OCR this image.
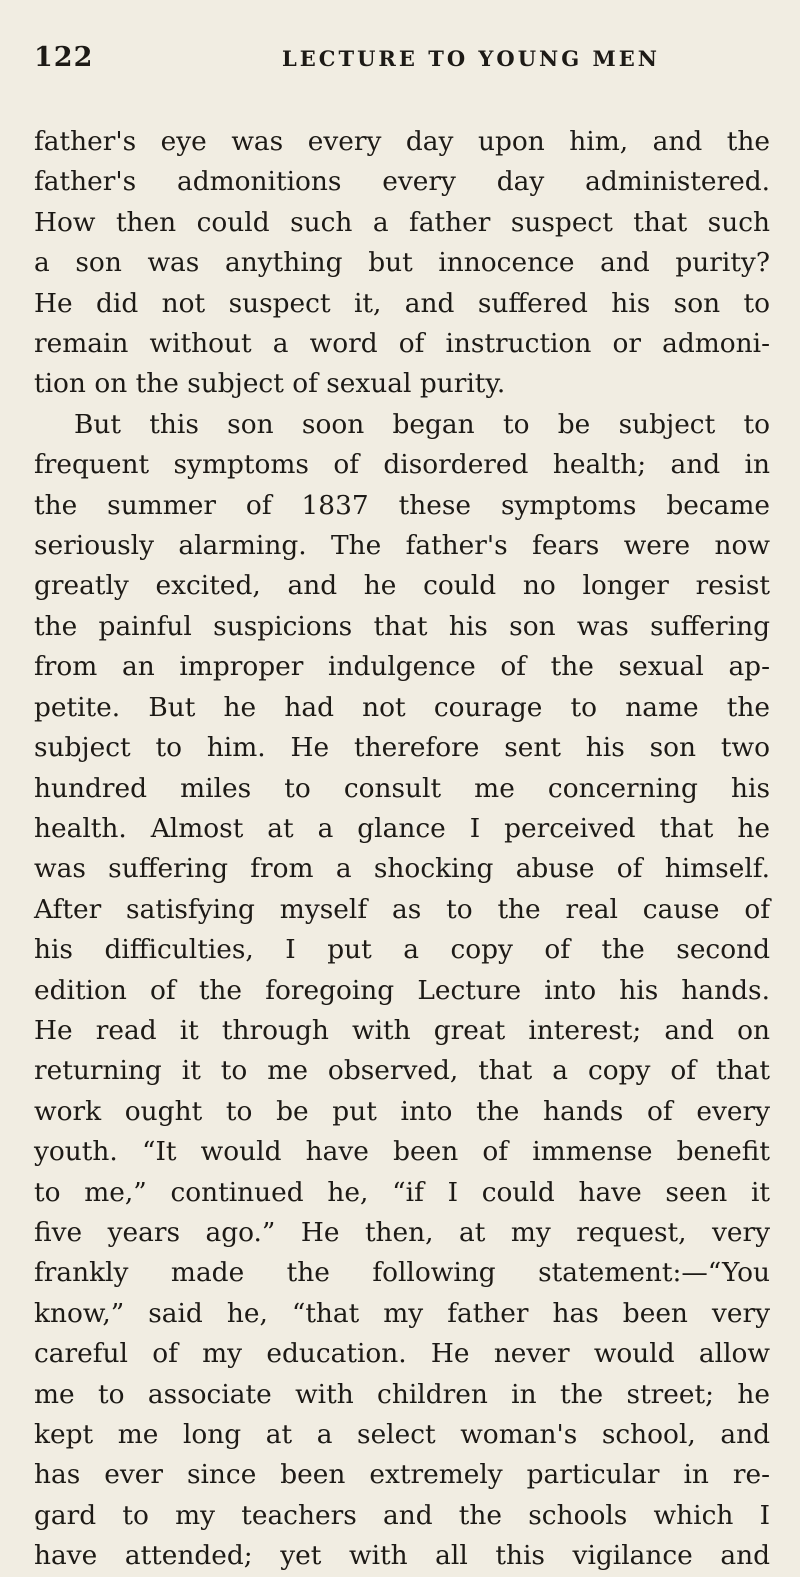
122	LECTURE TO YOUNG MEN
father's eye was every day upon him, and the
father's admonitions every day administered.
How then could such a father suspect that such
a son was anything but innocence and purity?
He did not suspect it, and suffered his son to
remain without a word of instruction or admoni-
tion on the subject of sexual purity.
But this son soon began to be subject to
frequent symptoms of disordered health; and in
the summer of 1837 these symptoms became
seriously alarming. The father's fears were now
greatly excited, and he could no longer resist
the painful suspicions that his son was suffering
from an improper indulgence of the sexual ap-
petite. But he had not courage to name the
subject to him. He therefore sent his son two
hundred miles to consult me concerning his
health. Almost at a glance I perceived that he
was suffering from a shocking abuse of himself.
After satisfying myself as to the real cause of
his difficulties, I put a copy of the second
edition of the foregoing Lecture into his hands.
He read it through with great interest; and on
returning it to me observed, that a copy of that
work ought to be put into the hands of every
youth. “It would have been of immense benefit
to me,” continued he, “if I could have seen it
five years ago.” He then, at my request, very
frankly made the following statement:—“You
know,” said he, “that my father has been very
careful of my education. He never would allow
me to associate with children in the street; he
kept me long at a select woman's school, and
has ever since been extremely particular in re-
gard to my teachers and the schools which I
have attended; yet with all this vigilance and
